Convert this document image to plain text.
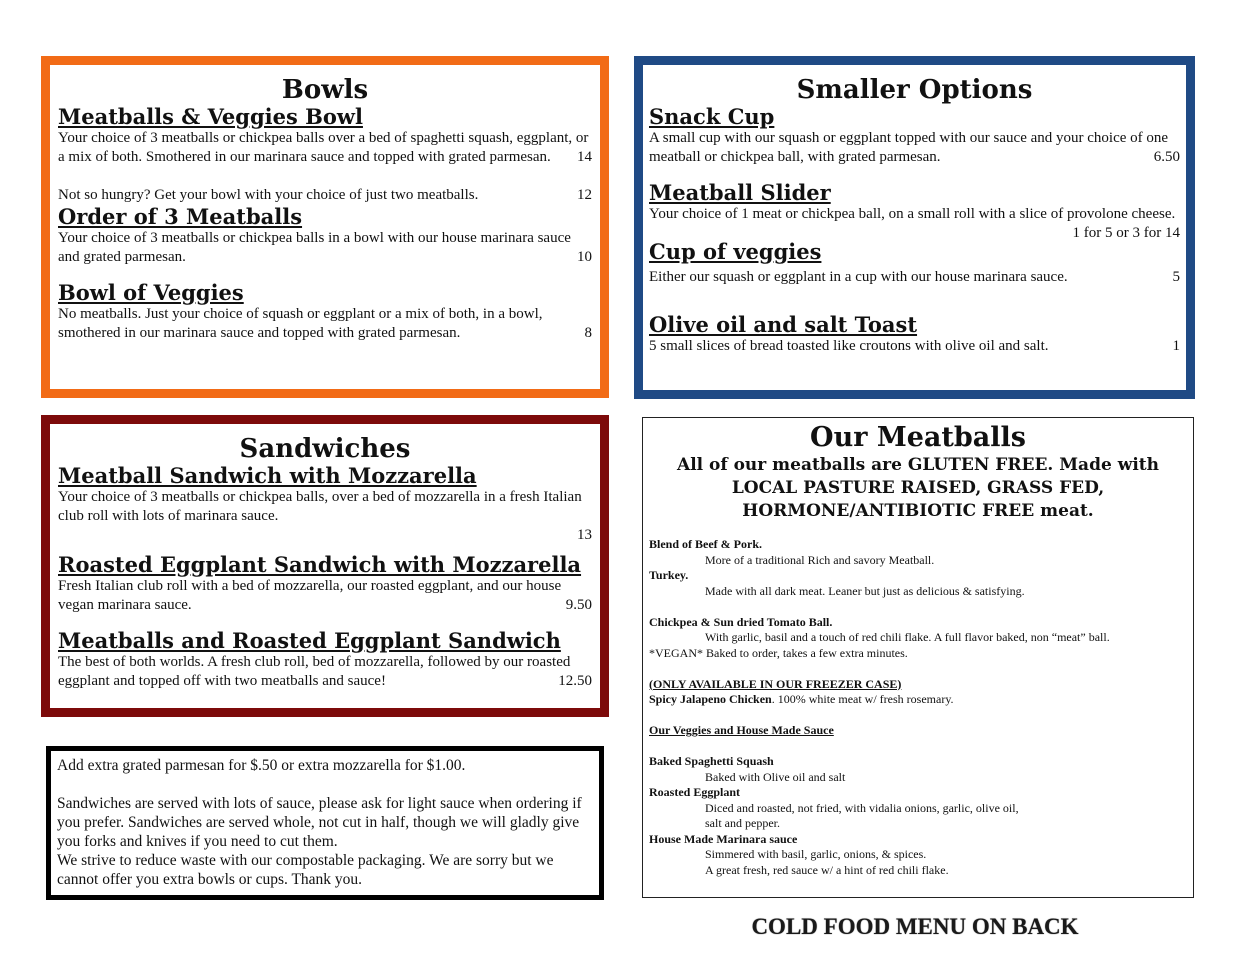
Bowls
Meatballs & Veggies Bowl

Your choice of 3 meatballs or chickpea balls over a bed of spaghetti squash, eggplant, or a mix of both. Smothered in our marinara sauce and topped with grated parmesan. 14

Not so hungry? Get your bowl with your choice of just two meatballs.	12

Order of 3 Meatballs

Your choice of 3 meatballs or chickpea balls in a bowl with our house marinara sauce and grated parmesan.	10

Bowl of Veggies

No meatballs. Just your choice of squash or eggplant or a mix of both, in a bowl, smothered in our marinara sauce and topped with grated parmesan.	8

Smaller Options
Snack Cup

A small cup with our squash or eggplant topped with our sauce and your choice of one meatball or chickpea ball, with grated parmesan.	6.50

Meatball Slider

Your choice of 1 meat or chickpea ball, on a small roll with a slice of provolone cheese.
1 for 5 or 3 for 14

Cup of veggies

Either our squash or eggplant in a cup with our house marinara sauce.	5

Olive oil and salt Toast

5 small slices of bread toasted like croutons with olive oil and salt.	1

Sandwiches
Meatball Sandwich with Mozzarella

Your choice of 3 meatballs or chickpea balls, over a bed of mozzarella in a fresh Italian club roll with lots of marinara sauce.

13

Roasted Eggplant Sandwich with Mozzarella

Fresh Italian club roll with a bed of mozzarella, our roasted eggplant, and our house vegan marinara sauce.	9.50

Meatballs and Roasted Eggplant Sandwich

The best of both worlds. A fresh club roll, bed of mozzarella, followed by our roasted eggplant and topped off with two meatballs and sauce!	12.50

Add extra grated parmesan for $.50 or extra mozzarella for $1.00.

Sandwiches are served with lots of sauce, please ask for light sauce when ordering if you prefer. Sandwiches are served whole, not cut in half, though we will gladly give you forks and knives if you need to cut them.

We strive to reduce waste with our compostable packaging. We are sorry but we cannot offer you extra bowls or cups. Thank you.

Our Meatballs

All of our meatballs are GLUTEN FREE. Made with LOCAL PASTURE RAISED, GRASS FED, HORMONE/ANTIBIOTIC FREE meat.

Blend of Beef & Pork.

More of a traditional Rich and savory Meatball.

Turkey.

Made with all dark meat. Leaner but just as delicious & satisfying.

Chickpea & Sun dried Tomato Ball.

With garlic, basil and a touch of red chili flake. A full flavor baked, non “meat” ball.

*VEGAN* Baked to order, takes a few extra minutes.

(ONLY AVAILABLE IN OUR FREEZER CASE)

Spicy Jalapeno Chicken. 100% white meat w/ fresh rosemary.

Our Veggies and House Made Sauce

Baked Spaghetti Squash

Baked with Olive oil and salt

Roasted Eggplant

Diced and roasted, not fried, with vidalia onions, garlic, olive oil,

salt and pepper.

House Made Marinara sauce

Simmered with basil, garlic, onions, & spices.

A great fresh, red sauce w/ a hint of red chili flake.

COLD FOOD MENU ON BACK
